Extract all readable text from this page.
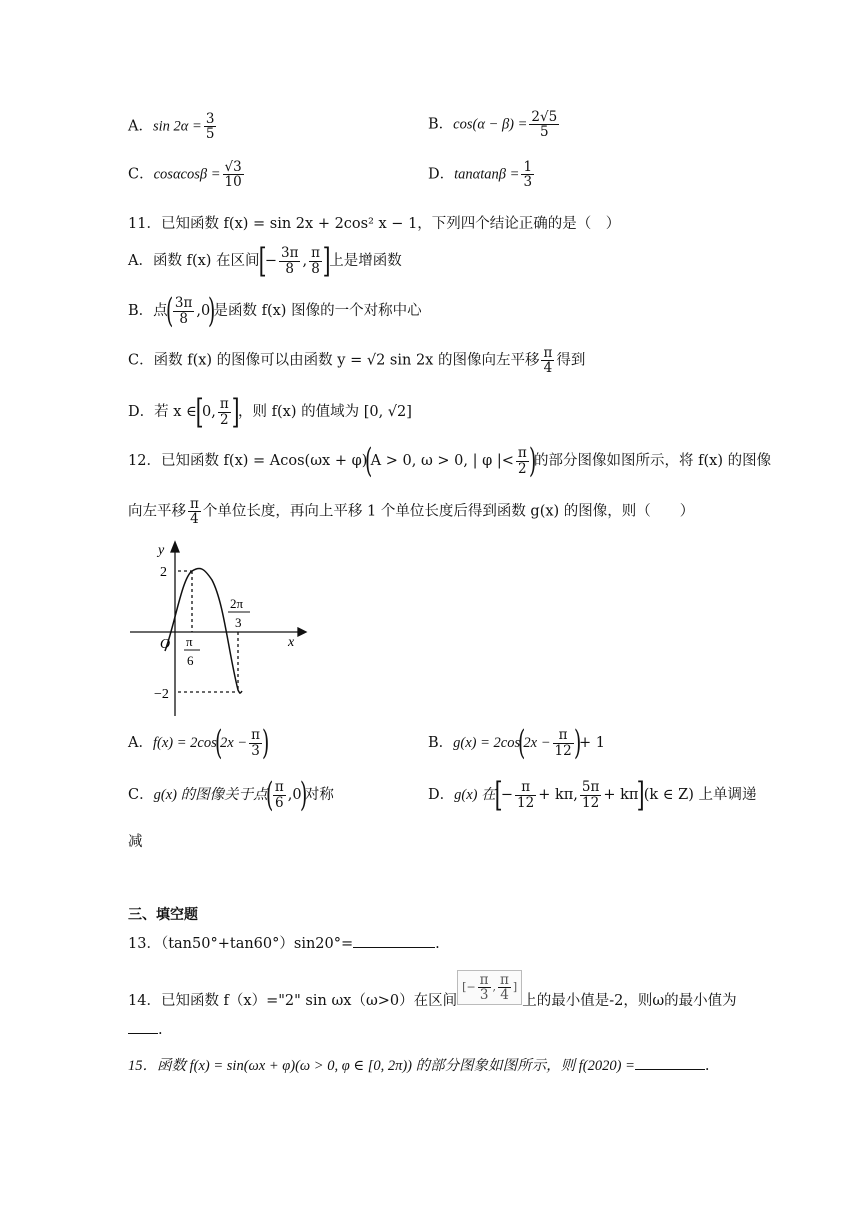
A．$\sin 2\alpha = \frac{3}{5}$	B．$\cos(\alpha - \beta) = \frac{2√5}{5}$
C．$\cos\alpha\cos\beta = \frac{√3}{10}$	D．$\tan\alpha\tan\beta = \frac{1}{3}$
11．已知函数 f(x) = sin 2x + 2cos² x − 1，下列四个结论正确的是（　）
A．函数 f(x) 在区间[− $\frac{3\pi}{8}$ , $\frac{\pi}{8}$ ]上是增函数
B．点( $\frac{3\pi}{8} ,0$)是函数 f(x) 图像的一个对称中心
C．函数 f(x) 的图像可以由函数 y = √2 sin 2x 的图像向左平移 $\frac{\pi}{4}$ 得到
D．若 x ∈[0, $\frac{\pi}{2}$ ]，则 f(x) 的值域为 [0, √2]
12．已知函数 f(x) = Acos(ωx + φ)(A > 0, ω > 0, | φ |< $\frac{\pi}{2}$ )的部分图像如图所示，将 f(x) 的图像
向左平移 $\frac{\pi}{4}$ 个单位长度，再向上平移 1 个单位长度后得到函数 g(x) 的图像，则（　　）
y
x
O
2
−2
π
6
2π
3
A．$f(x) = 2\cos(2x - \frac{\pi}{3}$ )	B．$g(x) = 2\cos(2x - \frac{\pi}{12}$ )+ 1
C．g(x) 的图像关于点( $\frac{\pi}{6} ,0$)对称	D．g(x) 在[− $\frac{\pi}{12} + k\pi$, $\frac{5\pi}{12} + k\pi](k$ ∈ Z) 上单调递
减
三、填空题
13．（tan50°+tan60°）sin20°=	.
14．已知函数 f（x）="2" sin ωx（ω>0）在区间[− $\frac{\pi}{3}$ , $\frac{\pi}{4}$ ]上的最小值是-2，则ω的最小值为
.
15．函数 f(x) = sin(ωx + φ)(ω > 0, φ ∈ [0, 2π)) 的部分图象如图所示，则 f(2020) =	.
